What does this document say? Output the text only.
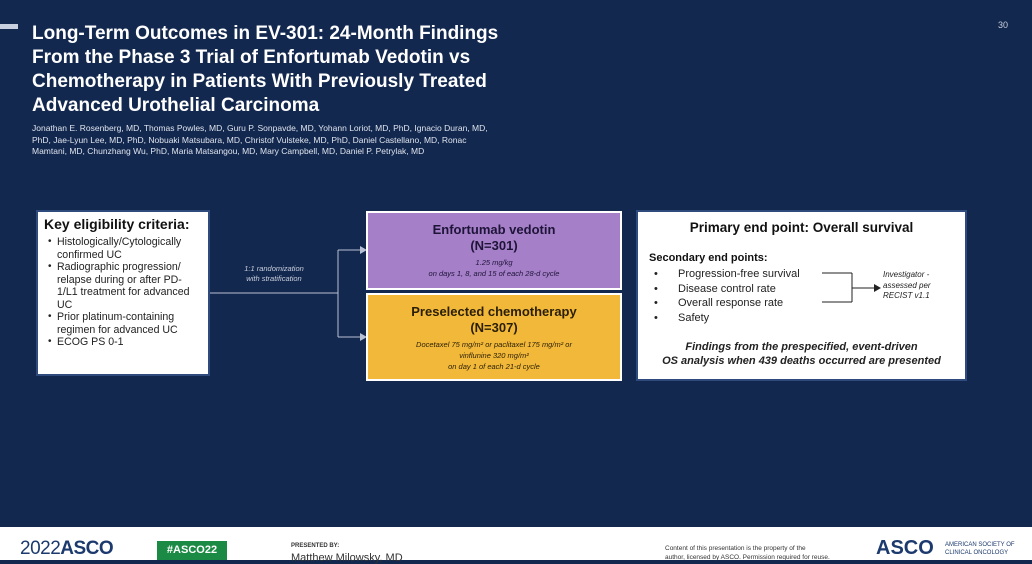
30
Long-Term Outcomes in EV-301: 24-Month Findings
From the Phase 3 Trial of Enfortumab Vedotin vs
Chemotherapy in Patients With Previously Treated
Advanced Urothelial Carcinoma
Jonathan E. Rosenberg, MD, Thomas Powles, MD, Guru P. Sonpavde, MD, Yohann Loriot, MD, PhD, Ignacio Duran, MD,
PhD, Jae-Lyun Lee, MD, PhD, Nobuaki Matsubara, MD, Christof Vulsteke, MD, PhD, Daniel Castellano, MD, Ronac
Mamtani, MD, Chunzhang Wu, PhD, Maria Matsangou, MD, Mary Campbell, MD, Daniel P. Petrylak, MD
Key eligibility criteria:
• Histologically/Cytologically confirmed UC
• Radiographic progression/ relapse during or after PD-1/L1 treatment for advanced UC
• Prior platinum-containing regimen for advanced UC
• ECOG PS 0-1
1:1 randomization
with stratification
Enfortumab vedotin
(N=301)
1.25 mg/kg
on days 1, 8, and 15 of each 28-d cycle
Preselected chemotherapy
(N=307)
Docetaxel 75 mg/m² or paclitaxel 175 mg/m² or
vinflunine 320 mg/m²
on day 1 of each 21-d cycle
Primary end point: Overall survival
Secondary end points:
• Progression-free survival
• Disease control rate
• Overall response rate
• Safety
Investigator -
assessed per
RECIST v1.1
Findings from the prespecified, event-driven
OS analysis when 439 deaths occurred are presented
2022ASCO	#ASCO22	PRESENTED BY:
Matthew Milowsky, MD
Content of this presentation is the property of the
author, licensed by ASCO. Permission required for reuse.	ASCO AMERICAN SOCIETY OF
CLINICAL ONCOLOGY
